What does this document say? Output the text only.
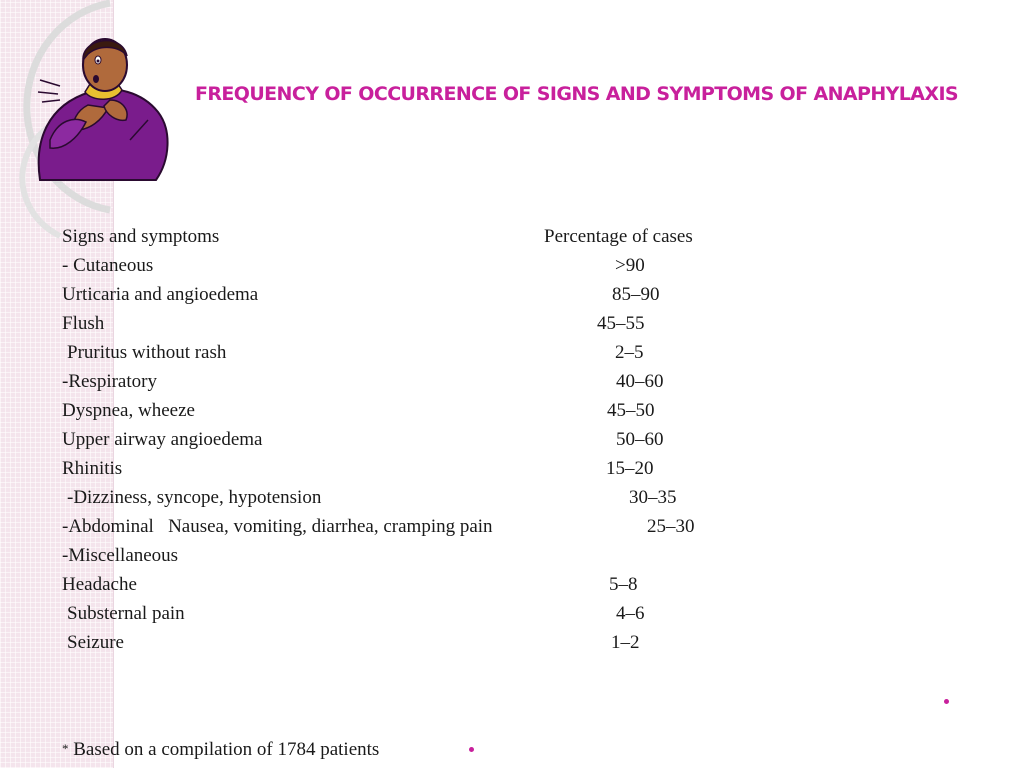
FREQUENCY OF OCCURRENCE OF SIGNS AND SYMPTOMS OF ANAPHYLAXIS
Signs and symptoms	Percentage of cases
- Cutaneous	>90
Urticaria and angioedema	85–90
Flush	45–55
Pruritus without rash	2–5
-Respiratory	40–60
Dyspnea, wheeze	45–50
Upper airway angioedema	50–60
Rhinitis	15–20
-Dizziness, syncope, hypotension	30–35
-Abdominal   Nausea, vomiting, diarrhea, cramping pain	25–30
-Miscellaneous
Headache	5–8
Substernal pain	4–6
Seizure	1–2
* Based on a compilation of 1784 patients
